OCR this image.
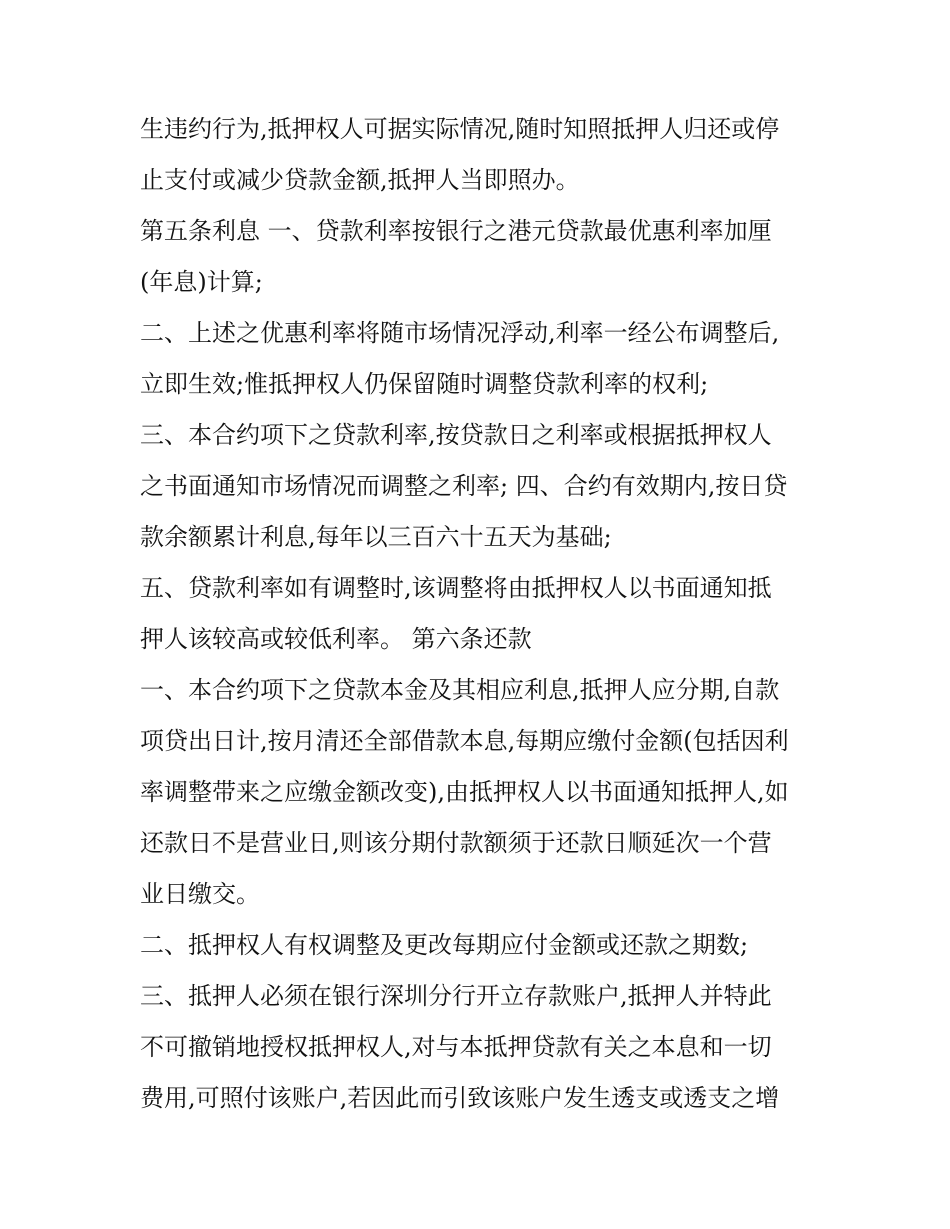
生违约行为,抵押权人可据实际情况,随时知照抵押人归还或停
止支付或减少贷款金额,抵押人当即照办。
第五条利息 一、贷款利率按银行之港元贷款最优惠利率加厘
(年息)计算;
二、上述之优惠利率将随市场情况浮动,利率一经公布调整后,
立即生效;惟抵押权人仍保留随时调整贷款利率的权利;
三、本合约项下之贷款利率,按贷款日之利率或根据抵押权人
之书面通知市场情况而调整之利率; 四、合约有效期内,按日贷
款余额累计利息,每年以三百六十五天为基础;
五、贷款利率如有调整时,该调整将由抵押权人以书面通知抵
押人该较高或较低利率。 第六条还款
一、本合约项下之贷款本金及其相应利息,抵押人应分期,自款
项贷出日计,按月清还全部借款本息,每期应缴付金额(包括因利
率调整带来之应缴金额改变),由抵押权人以书面通知抵押人,如
还款日不是营业日,则该分期付款额须于还款日顺延次一个营
业日缴交。
二、抵押权人有权调整及更改每期应付金额或还款之期数;
三、抵押人必须在银行深圳分行开立存款账户,抵押人并特此
不可撤销地授权抵押权人,对与本抵押贷款有关之本息和一切
费用,可照付该账户,若因此而引致该账户发生透支或透支之增
